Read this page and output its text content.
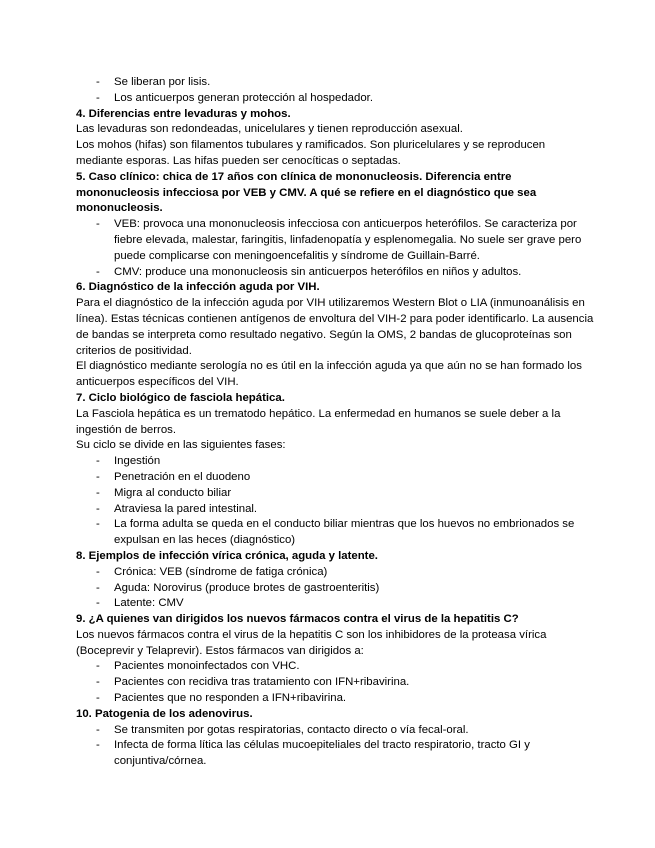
- Se liberan por lisis.
- Los anticuerpos generan protección al hospedador.

4. Diferencias entre levaduras y mohos.

Las levaduras son redondeadas, unicelulares y tienen reproducción asexual.

Los mohos (hifas) son filamentos tubulares y ramificados. Son pluricelulares y se reproducen mediante esporas. Las hifas pueden ser cenocíticas o septadas.

5. Caso clínico: chica de 17 años con clínica de mononucleosis. Diferencia entre mononucleosis infecciosa por VEB y CMV. A qué se refiere en el diagnóstico que sea mononucleosis.

- VEB: provoca una mononucleosis infecciosa con anticuerpos heterófilos. Se caracteriza por fiebre elevada, malestar, faringitis, linfadenopatía y esplenomegalia. No suele ser grave pero puede complicarse con meningoencefalitis y síndrome de Guillain-Barré.
- CMV: produce una mononucleosis sin anticuerpos heterófilos en niños y adultos.

6. Diagnóstico de la infección aguda por VIH.

Para el diagnóstico de la infección aguda por VIH utilizaremos Western Blot o LIA (inmunoanálisis en línea). Estas técnicas contienen antígenos de envoltura del VIH-2 para poder identificarlo. La ausencia de bandas se interpreta como resultado negativo. Según la OMS, 2 bandas de glucoproteínas son criterios de positividad.

El diagnóstico mediante serología no es útil en la infección aguda ya que aún no se han formado los anticuerpos específicos del VIH.

7. Ciclo biológico de fasciola hepática.

La Fasciola hepática es un trematodo hepático. La enfermedad en humanos se suele deber a la ingestión de berros.

Su ciclo se divide en las siguientes fases:

- Ingestión
- Penetración en el duodeno
- Migra al conducto biliar
- Atraviesa la pared intestinal.
- La forma adulta se queda en el conducto biliar mientras que los huevos no embrionados se expulsan en las heces (diagnóstico)

8. Ejemplos de infección vírica crónica, aguda y latente.

- Crónica: VEB (síndrome de fatiga crónica)
- Aguda: Norovirus (produce brotes de gastroenteritis)
- Latente: CMV

9. ¿A quienes van dirigidos los nuevos fármacos contra el virus de la hepatitis C?

Los nuevos fármacos contra el virus de la hepatitis C son los inhibidores de la proteasa vírica (Boceprevir y Telaprevir). Estos fármacos van dirigidos a:

- Pacientes monoinfectados con VHC.
- Pacientes con recidiva tras tratamiento con IFN+ribavirina.
- Pacientes que no responden a IFN+ribavirina.

10. Patogenia de los adenovirus.

- Se transmiten por gotas respiratorias, contacto directo o vía fecal-oral.
- Infecta de forma lítica las células mucoepiteliales del tracto respiratorio, tracto GI y conjuntiva/córnea.
